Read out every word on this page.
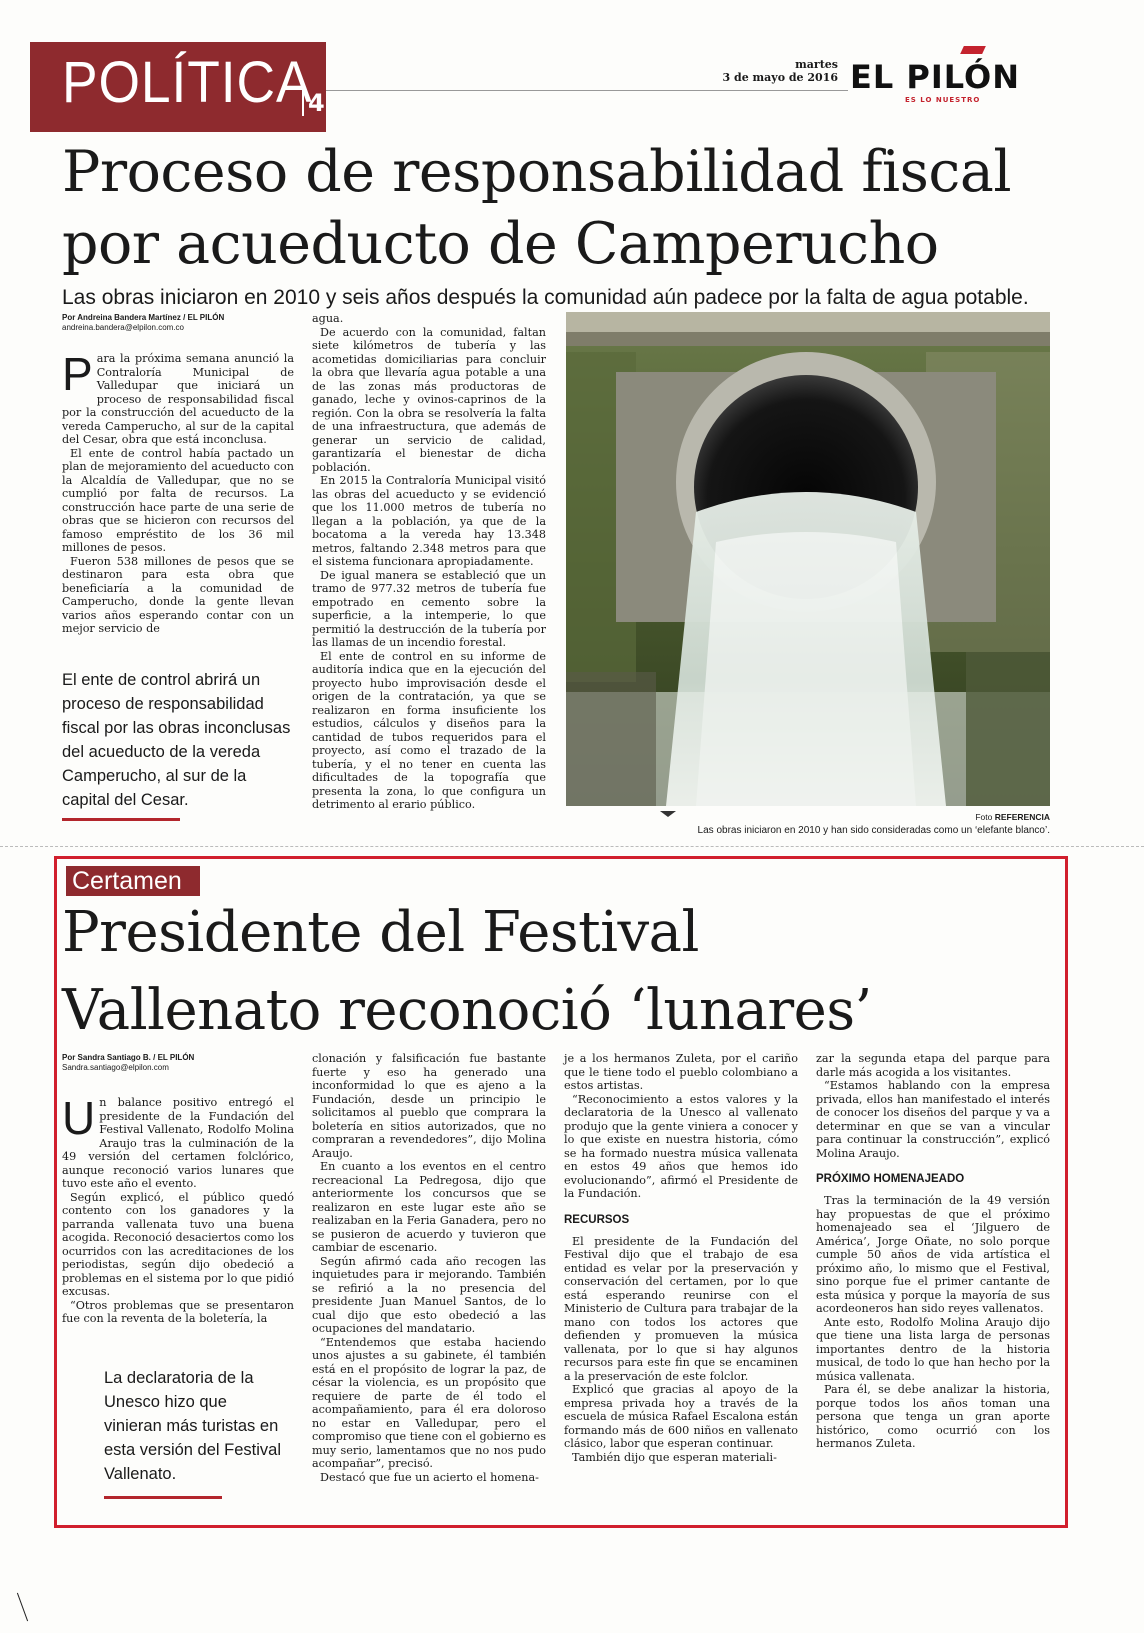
POLÍTICA
4
martes
3 de mayo de 2016 EL PILÓN
ES LO NUESTRO
Proceso de responsabilidad fiscal
por acueducto de Camperucho
Las obras iniciaron en 2010 y seis años después la comunidad aún padece por la falta de agua potable.
Por Andreina Bandera Martínez / EL PILÓN
andreina.bandera@elpilon.com.co

Para la próxima semana anunció la Contraloría Municipal de Valledupar que iniciará un proceso de responsabilidad fiscal por la construcción del acueducto de la vereda Camperucho, al sur de la capital del Cesar, obra que está inconclusa.

El ente de control había pactado un plan de mejoramiento del acueducto con la Alcaldía de Valledupar, que no se cumplió por falta de recursos. La construcción hace parte de una serie de obras que se hicieron con recursos del famoso empréstito de los 36 mil millones de pesos.

Fueron 538 millones de pesos que se destinaron para esta obra que beneficiaría a la comunidad de Camperucho, donde la gente llevan varios años esperando contar con un mejor servicio de

El ente de control abrirá un proceso de responsabilidad fiscal por las obras inconclusas del acueducto de la vereda Camperucho, al sur de la capital del Cesar.

agua.

De acuerdo con la comunidad, faltan siete kilómetros de tubería y las acometidas domiciliarias para concluir la obra que llevaría agua potable a una de las zonas más productoras de ganado, leche y ovinos-caprinos de la región. Con la obra se resolvería la falta de una infraestructura, que además de generar un servicio de calidad, garantizaría el bienestar de dicha población.

En 2015 la Contraloría Municipal visitó las obras del acueducto y se evidenció que los 11.000 metros de tubería no llegan a la población, ya que de la bocatoma a la vereda hay 13.348 metros, faltando 2.348 metros para que el sistema funcionara apropiadamente.

De igual manera se estableció que un tramo de 977.32 metros de tubería fue empotrado en cemento sobre la superficie, a la intemperie, lo que permitió la destrucción de la tubería por las llamas de un incendio forestal.

El ente de control en su informe de auditoría indica que en la ejecución del proyecto hubo improvisación desde el origen de la contratación, ya que se realizaron en forma insuficiente los estudios, cálculos y diseños para la cantidad de tubos requeridos para el proyecto, así como el trazado de la tubería, y el no tener en cuenta las dificultades de la topografía que presenta la zona, lo que configura un detrimento al erario público.

Foto REFERENCIA
Las obras iniciaron en 2010 y han sido consideradas como un ‘elefante blanco’.
Certamen
Presidente del Festival
Vallenato reconoció ‘lunares’
Por Sandra Santiago B. / EL PILÓN
Sandra.santiago@elpilon.com

Un balance positivo entregó el presidente de la Fundación del Festival Vallenato, Rodolfo Molina Araujo tras la culminación de la 49 versión del certamen folclórico, aunque reconoció varios lunares que tuvo este año el evento.

Según explicó, el público quedó contento con los ganadores y la parranda vallenata tuvo una buena acogida. Reconoció desaciertos como los ocurridos con las acreditaciones de los periodistas, según dijo obedeció a problemas en el sistema por lo que pidió excusas.

“Otros problemas que se presentaron fue con la reventa de la boletería, la

La declaratoria de la Unesco hizo que vinieran más turistas en esta versión del Festival Vallenato.

clonación y falsificación fue bastante fuerte y eso ha generado una inconformidad lo que es ajeno a la Fundación, desde un principio le solicitamos al pueblo que comprara la boletería en sitios autorizados, que no compraran a revendedores”, dijo Molina Araujo.

En cuanto a los eventos en el centro recreacional La Pedregosa, dijo que anteriormente los concursos que se realizaron en este lugar este año se realizaban en la Feria Ganadera, pero no se pusieron de acuerdo y tuvieron que cambiar de escenario.

Según afirmó cada año recogen las inquietudes para ir mejorando. También se refirió a la no presencia del presidente Juan Manuel Santos, de lo cual dijo que esto obedeció a las ocupaciones del mandatario.

“Entendemos que estaba haciendo unos ajustes a su gabinete, él también está en el propósito de lograr la paz, de césar la violencia, es un propósito que requiere de parte de él todo el acompañamiento, para él era doloroso no estar en Valledupar, pero el compromiso que tiene con el gobierno es muy serio, lamentamos que no nos pudo acompañar”, precisó.

Destacó que fue un acierto el homena-

je a los hermanos Zuleta, por el cariño que le tiene todo el pueblo colombiano a estos artistas.

“Reconocimiento a estos valores y la declaratoria de la Unesco al vallenato produjo que la gente viniera a conocer y lo que existe en nuestra historia, cómo se ha formado nuestra música vallenata en estos 49 años que hemos ido evolucionando”, afirmó el Presidente de la Fundación.

RECURSOS

El presidente de la Fundación del Festival dijo que el trabajo de esa entidad es velar por la preservación y conservación del certamen, por lo que está esperando reunirse con el Ministerio de Cultura para trabajar de la mano con todos los actores que defienden y promueven la música vallenata, por lo que si hay algunos recursos para este fin que se encaminen a la preservación de este folclor.

Explicó que gracias al apoyo de la empresa privada hoy a través de la escuela de música Rafael Escalona están formando más de 600 niños en vallenato clásico, labor que esperan continuar.

También dijo que esperan materiali-

zar la segunda etapa del parque para darle más acogida a los visitantes.

“Estamos hablando con la empresa privada, ellos han manifestado el interés de conocer los diseños del parque y va a determinar en que se van a vincular para continuar la construcción”, explicó Molina Araujo.

PRÓXIMO HOMENAJEADO

Tras la terminación de la 49 versión hay propuestas de que el próximo homenajeado sea el ‘Jilguero de América’, Jorge Oñate, no solo porque cumple 50 años de vida artística el próximo año, lo mismo que el Festival, sino porque fue el primer cantante de esta música y porque la mayoría de sus acordeoneros han sido reyes vallenatos.

Ante esto, Rodolfo Molina Araujo dijo que tiene una lista larga de personas importantes dentro de la historia musical, de todo lo que han hecho por la música vallenata.

Para él, se debe analizar la historia, porque todos los años toman una persona que tenga un gran aporte histórico, como ocurrió con los hermanos Zuleta.
